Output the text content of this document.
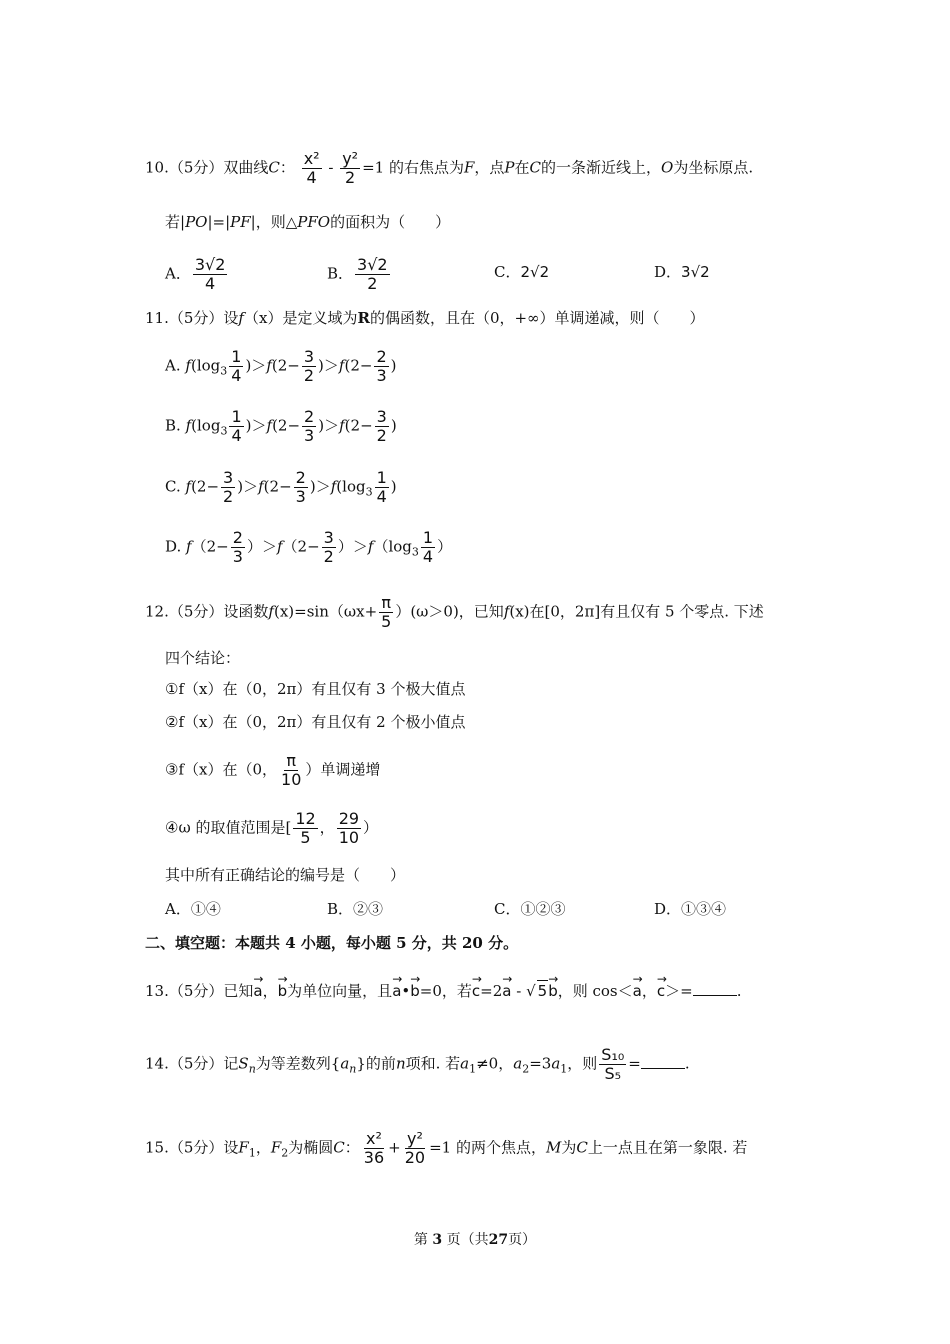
10.（5分）双曲线C： $\frac{\text{x²}}{4} - \frac{\text{y²}}{2} =1$ 的右焦点为F，点P在C的一条渐近线上，O为坐标原点.
若|PO|=|PF|，则△PFO的面积为（　　）
A． $\frac{3√2}{4}$	B． $\frac{3√2}{2}$	C．2√2	D．3√2
11.（5分）设f（x）是定义域为R的偶函数，且在（0，+∞）单调递减，则（　　）
A. $f(\log_3 \frac{1}{4} )>f(2- \frac{3}{2} )>f(2- \frac{2}{3}$ )
B. $f(\log_3 \frac{1}{4} )>f(2- \frac{2}{3} )>f(2- \frac{3}{2}$ )
C. $f(2- \frac{3}{2} )>f(2- \frac{2}{3} )>f(\log_3 \frac{1}{4}$ )
D. $f(2- \frac{2}{3} )>f(2- \frac{3}{2} )>f(\log_3 \frac{1}{4}$ ）
12.（5分）设函数$f(x)=\sin(\omega x+ \frac{\pi}{5} )(\omega>0)$，已知f(x)在[0，2π]有且仅有 5 个零点. 下述
四个结论：
①f（x）在（0，2π）有且仅有 3 个极大值点
②f（x）在（0，2π）有且仅有 2 个极小值点
③f（x）在（0， $\frac{\pi}{10}$ ）单调递增
④ω 的取值范围是[ $\frac{12}{5}$ ， $\frac{29}{10}$ ）
其中所有正确结论的编号是（　　）
A．①④	B．②③	C．①②③	D．①③④
二、填空题：本题共 4 小题，每小题 5 分，共 20 分。
13.（5分）已知→ a，→ b为单位向量，且→ a•→ b=0，若→ c=2→ a - √ 5→ b，则 cos＜→ a，→ c＞=	.
14.（5分）记$S_n$为等差数列$\{a_n\}$的前n项和. 若$a_1\ne 0$，$a_2=3a_1$，则 $\frac{\text{S₁₀}}{\text{S₅}}$ =	.
15.（5分）设$F_1$，$F_2$为椭圆C： $\frac{\text{x²}}{36} + \frac{\text{y²}}{20} =1$ 的两个焦点，M为C上一点且在第一象限. 若
第 3 页（共27页）
